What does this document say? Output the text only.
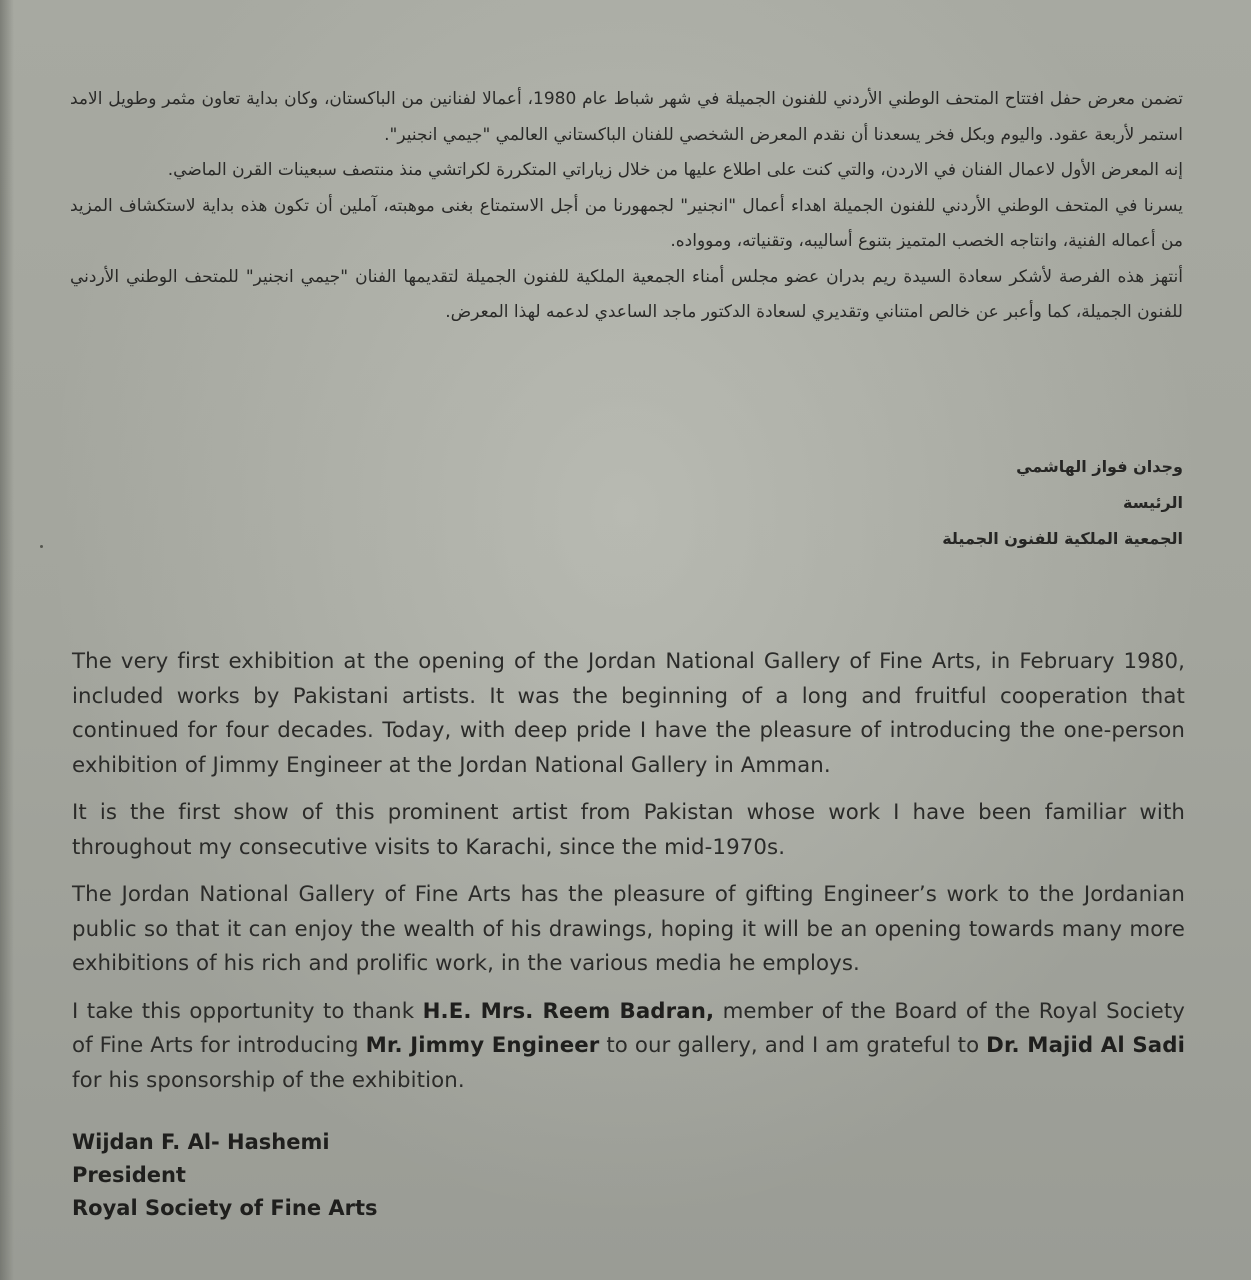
تضمن معرض حفل افتتاح المتحف الوطني الأردني للفنون الجميلة في شهر شباط عام 1980، أعمالا لفنانين من الباكستان، وكان بداية تعاون مثمر وطويل الامد استمر لأربعة عقود. واليوم وبكل فخر يسعدنا أن نقدم المعرض الشخصي للفنان الباكستاني العالمي "جيمي انجنير".

إنه المعرض الأول لاعمال الفنان في الاردن، والتي كنت على اطلاع عليها من خلال زياراتي المتكررة لكراتشي منذ منتصف سبعينات القرن الماضي.

يسرنا في المتحف الوطني الأردني للفنون الجميلة اهداء أعمال "انجنير" لجمهورنا من أجل الاستمتاع بغنى موهبته، آملين أن تكون هذه بداية لاستكشاف المزيد من أعماله الفنية، وانتاجه الخصب المتميز بتنوع أساليبه، وتقنياته، وموواده.

أنتهز هذه الفرصة لأشكر سعادة السيدة ريم بدران عضو مجلس أمناء الجمعية الملكية للفنون الجميلة لتقديمها الفنان "جيمي انجنير" للمتحف الوطني الأردني للفنون الجميلة، كما وأعبر عن خالص امتناني وتقديري لسعادة الدكتور ماجد الساعدي لدعمه لهذا المعرض.

وجدان فواز الهاشمي
الرئيسة
الجمعية الملكية للفنون الجميلة

The very first exhibition at the opening of the Jordan National Gallery of Fine Arts, in February 1980, included works by Pakistani artists. It was the beginning of a long and fruitful cooperation that continued for four decades. Today, with deep pride I have the pleasure of introducing the one-person exhibition of Jimmy Engineer at the Jordan National Gallery in Amman.

It is the first show of this prominent artist from Pakistan whose work I have been familiar with throughout my consecutive visits to Karachi, since the mid-1970s.

The Jordan National Gallery of Fine Arts has the pleasure of gifting Engineer’s work to the Jordanian public so that it can enjoy the wealth of his drawings, hoping it will be an opening towards many more exhibitions of his rich and prolific work, in the various media he employs.

I take this opportunity to thank H.E. Mrs. Reem Badran, member of the Board of the Royal Society of Fine Arts for introducing Mr. Jimmy Engineer to our gallery, and I am grateful to Dr. Majid Al Sadi for his sponsorship of the exhibition.

Wijdan F. Al- Hashemi
President
Royal Society of Fine Arts
